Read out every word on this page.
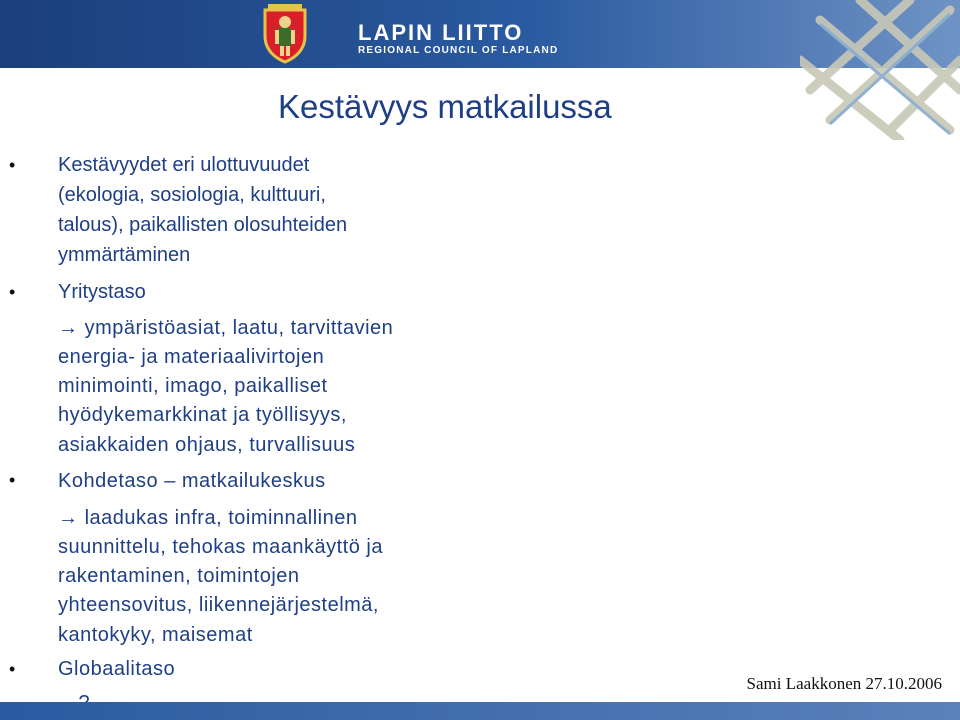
LAPIN LIITTO
REGIONAL COUNCIL OF LAPLAND
Kestävyys matkailussa
•
•
•
•
Kestävyydet eri ulottuvuudet
(ekologia, sosiologia, kulttuuri,
talous), paikallisten olosuhteiden
ymmärtäminen
Yritystaso
→ ympäristöasiat, laatu, tarvittavien
energia- ja materiaalivirtojen
minimointi, imago, paikalliset
hyödykemarkkinat ja työllisyys,
asiakkaiden ohjaus, turvallisuus
Kohdetaso – matkailukeskus
→ laadukas infra, toiminnallinen
suunnittelu, tehokas maankäyttö ja
rakentaminen, toimintojen
yhteensovitus, liikennejärjestelmä,
kantokyky, maisemat
Globaalitaso
Sami Laakkonen 27.10.2006
